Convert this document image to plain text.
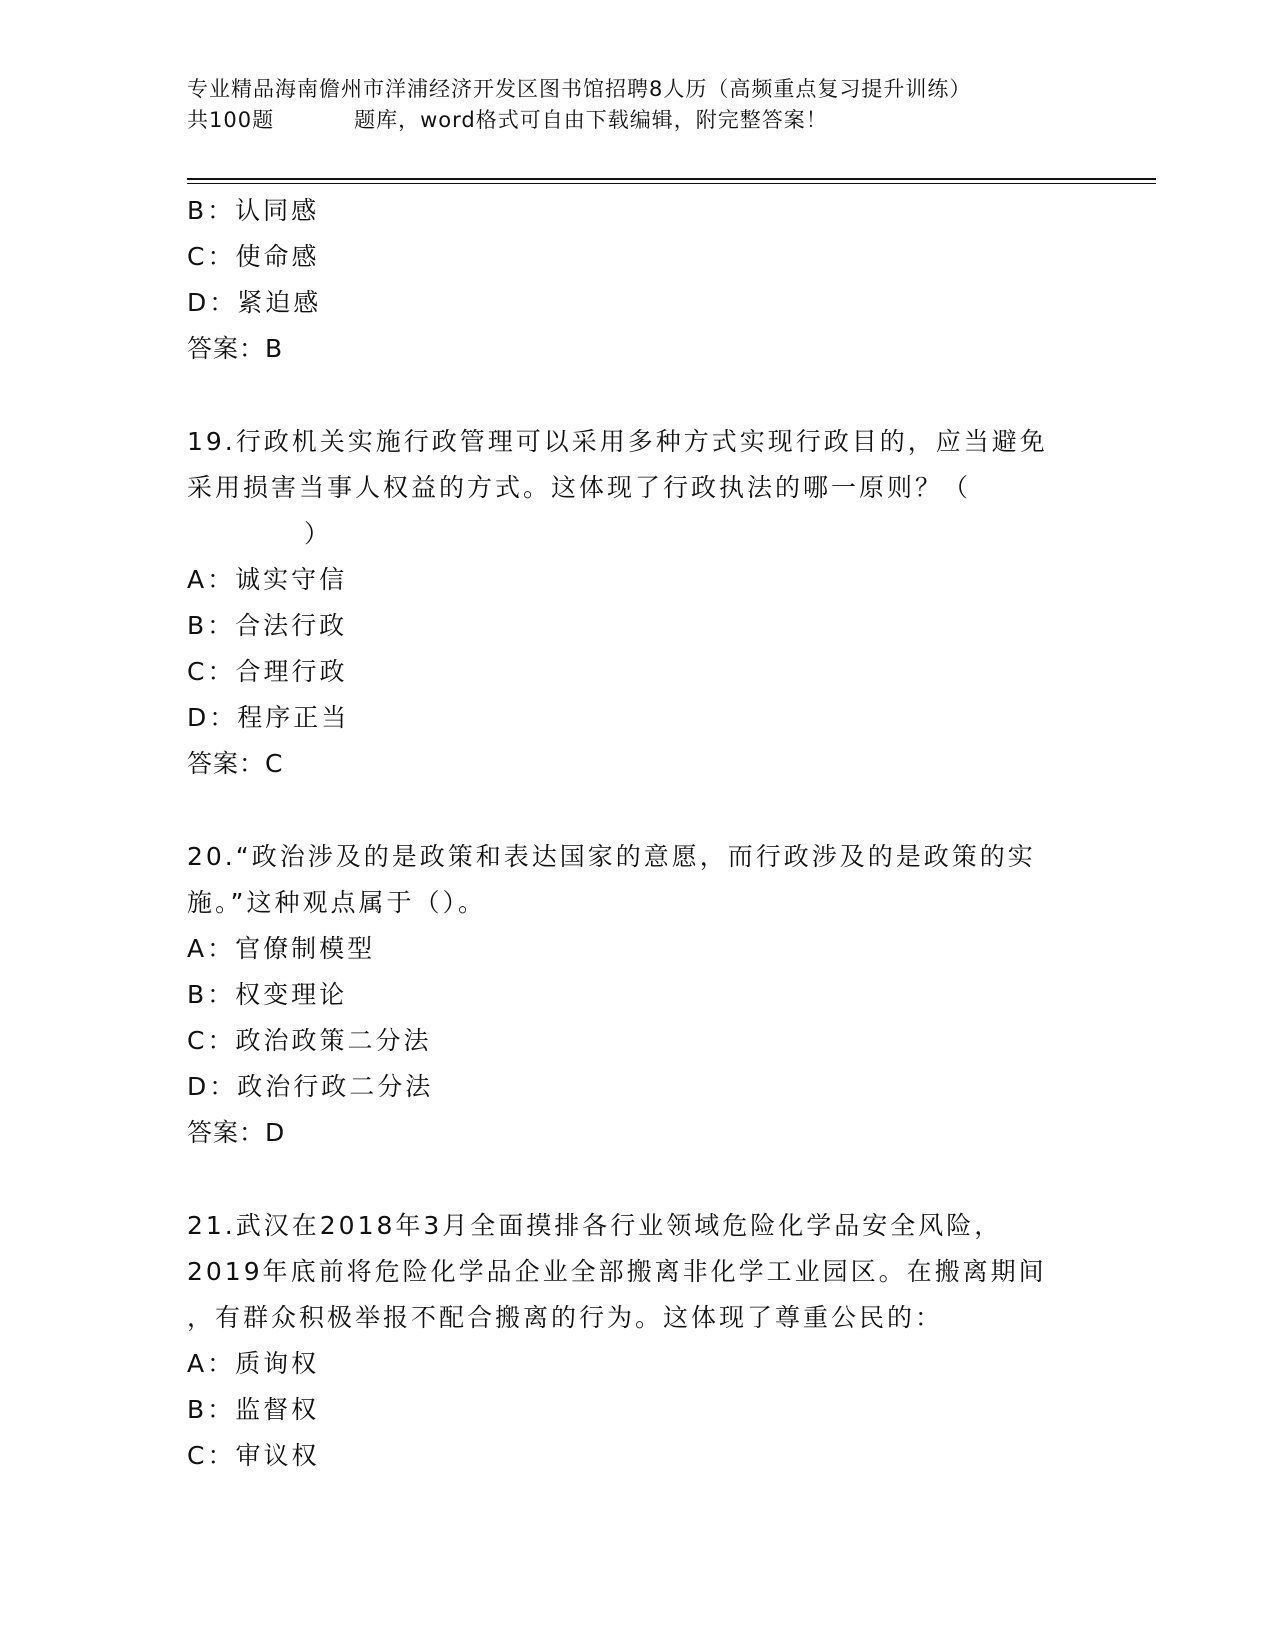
专业精品海南儋州市洋浦经济开发区图书馆招聘8人历（高频重点复习提升训练）
共100题	题库，word格式可自由下载编辑，附完整答案！
B：认同感
C：使命感
D：紧迫感
答案：B
19.行政机关实施行政管理可以采用多种方式实现行政目的，应当避免
采用损害当事人权益的方式。这体现了行政执法的哪一原则？（
）
A：诚实守信
B：合法行政
C：合理行政
D：程序正当
答案：C
20.“政治涉及的是政策和表达国家的意愿，而行政涉及的是政策的实
施。”这种观点属于（）。
A：官僚制模型
B：权变理论
C：政治政策二分法
D：政治行政二分法
答案：D
21.武汉在2018年3月全面摸排各行业领域危险化学品安全风险，
2019年底前将危险化学品企业全部搬离非化学工业园区。在搬离期间
，有群众积极举报不配合搬离的行为。这体现了尊重公民的：
A：质询权
B：监督权
C：审议权
